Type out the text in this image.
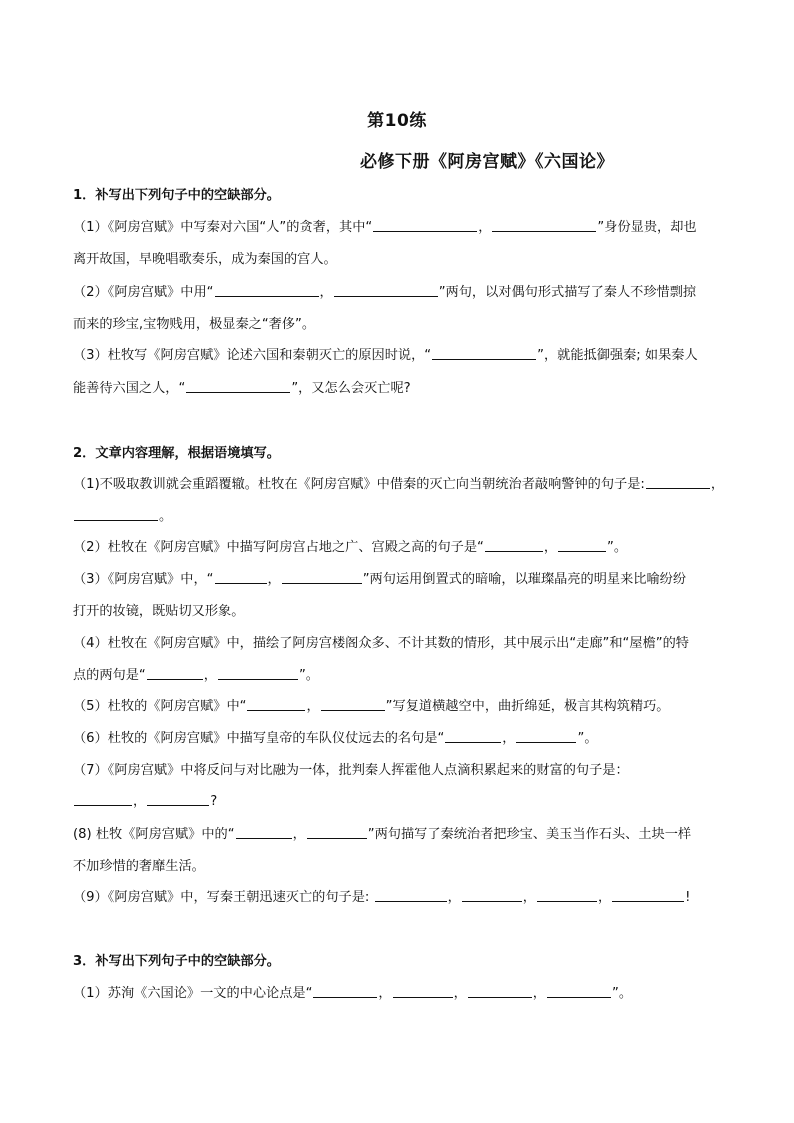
第10练
必修下册《阿房宫赋》《六国论》
1．补写出下列句子中的空缺部分。
（1）《阿房宫赋》中写秦对六国“人”的贪奢，其中“	，	”身份显贵，却也
离开故国，早晚唱歌奏乐，成为秦国的宫人。
（2）《阿房宫赋》中用“	，	”两句，以对偶句形式描写了秦人不珍惜剽掠
而来的珍宝,宝物贱用，极显秦之“奢侈”。
（3）杜牧写《阿房宫赋》论述六国和秦朝灭亡的原因时说，“	”，就能抵御强秦; 如果秦人
能善待六国之人，“	”，又怎么会灭亡呢?
2．文章内容理解，根据语境填写。
（1)不吸取教训就会重蹈覆辙。杜牧在《阿房宫赋》中借秦的灭亡向当朝统治者敲响警钟的句子是:	，
。
（2）杜牧在《阿房宫赋》中描写阿房宫占地之广、宫殿之高的句子是“	，	”。
（3）《阿房宫赋》中，“	，	”两句运用倒置式的暗喻，以璀璨晶亮的明星来比喻纷纷
打开的妆镜，既贴切又形象。
（4）杜牧在《阿房宫赋》中，描绘了阿房宫楼阁众多、不计其数的情形，其中展示出“走廊”和“屋檐”的特
点的两句是“	，	”。
（5）杜牧的《阿房宫赋》中“	，	”写复道横越空中，曲折绵延，极言其构筑精巧。
（6）杜牧的《阿房宫赋》中描写皇帝的车队仪仗远去的名句是“	，	”。
（7）《阿房宫赋》中将反问与对比融为一体，批判秦人挥霍他人点滴积累起来的财富的句子是：
，	?
(8) 杜牧《阿房宫赋》中的“	，	”两句描写了秦统治者把珍宝、美玉当作石头、土块一样
不加珍惜的奢靡生活。
（9）《阿房宫赋》中，写秦王朝迅速灭亡的句子是:	，	，	，	!
3．补写出下列句子中的空缺部分。
（1）苏洵《六国论》一文的中心论点是“	，	，	，	”。
